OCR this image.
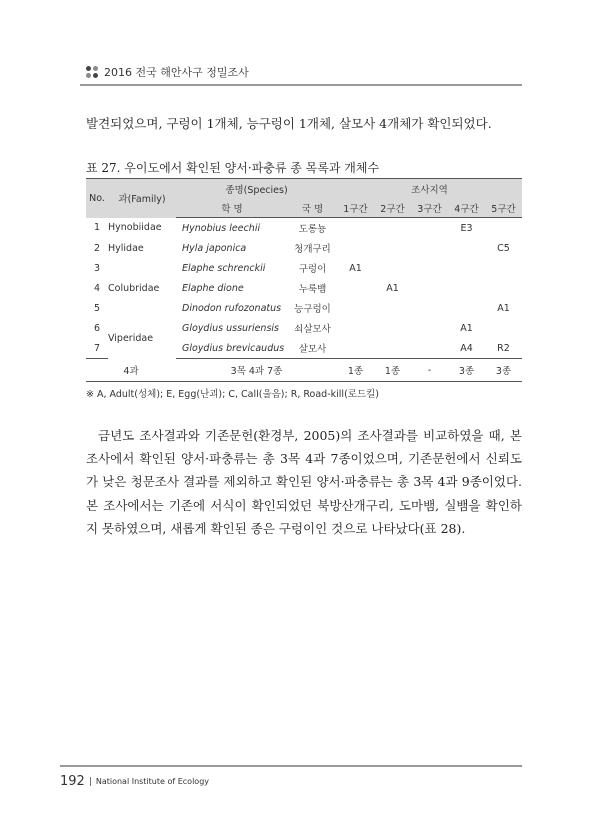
2016 전국 해안사구 정밀조사
발견되었으며, 구렁이 1개체, 능구렁이 1개체, 살모사 4개체가 확인되었다.
표 27. 우이도에서 확인된 양서·파충류 종 목록과 개체수
No.	과(Family)	종명(Species)		조사지역				
		학 명	국 명	1구간	2구간	3구간	4구간	5구간
1	Hynobiidae	Hynobius leechii	도롱뇽				E3	
2	Hylidae	Hyla japonica	청개구리					C5
3	Colubridae	Elaphe schrenckii	구렁이	A1				
4		Elaphe dione	누룩뱀		A1			
5		Dinodon rufozonatus	능구렁이					A1
6	Viperidae	Gloydius ussuriensis	쇠살모사				A1	
7		Gloydius brevicaudus	살모사				A4	R2
4과		3목 4과 7종		1종	1종	-	3종	3종
※ A, Adult(성체); E, Egg(난괴); C, Call(울음); R, Road-kill(로드킬)

금년도 조사결과와 기존문헌(환경부, 2005)의 조사결과를 비교하였을 때, 본 조사에서 확인된 양서·파충류는 총 3목 4과 7종이었으며, 기존문헌에서 신뢰도가 낮은 청문조사 결과를 제외하고 확인된 양서·파충류는 총 3목 4과 9종이었다. 본 조사에서는 기존에 서식이 확인되었던 북방산개구리, 도마뱀, 실뱀을 확인하지 못하였으며, 새롭게 확인된 종은 구렁이인 것으로 나타났다(표 28).

192 National Institute of Ecology
